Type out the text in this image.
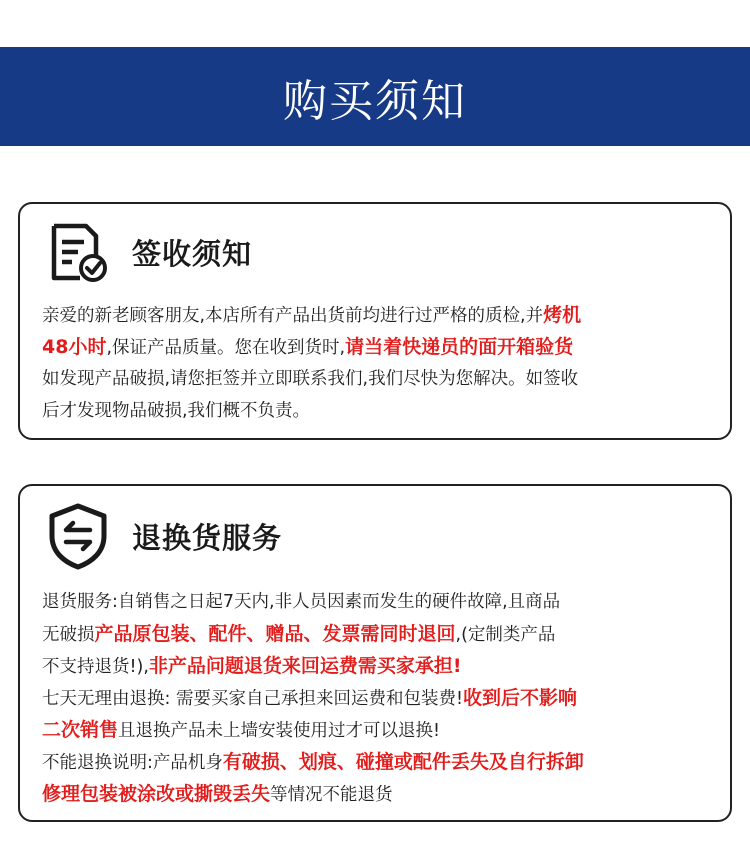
购买须知
签收须知
亲爱的新老顾客朋友,本店所有产品出货前均进行过严格的质检,并烤机
48小时,保证产品质量。您在收到货时,请当着快递员的面开箱验货
如发现产品破损,请您拒签并立即联系我们,我们尽快为您解决。如签收
后才发现物品破损,我们概不负责。
退换货服务
退货服务:自销售之日起7天内,非人员因素而发生的硬件故障,且商品
无破损产品原包装、配件、赠品、发票需同时退回,(定制类产品
不支持退货!),非产品问题退货来回运费需买家承担!
七天无理由退换: 需要买家自己承担来回运费和包装费!收到后不影响
二次销售且退换产品未上墙安装使用过才可以退换!
不能退换说明:产品机身有破损、划痕、碰撞或配件丢失及自行拆卸
修理包装被涂改或撕毁丢失等情况不能退货
